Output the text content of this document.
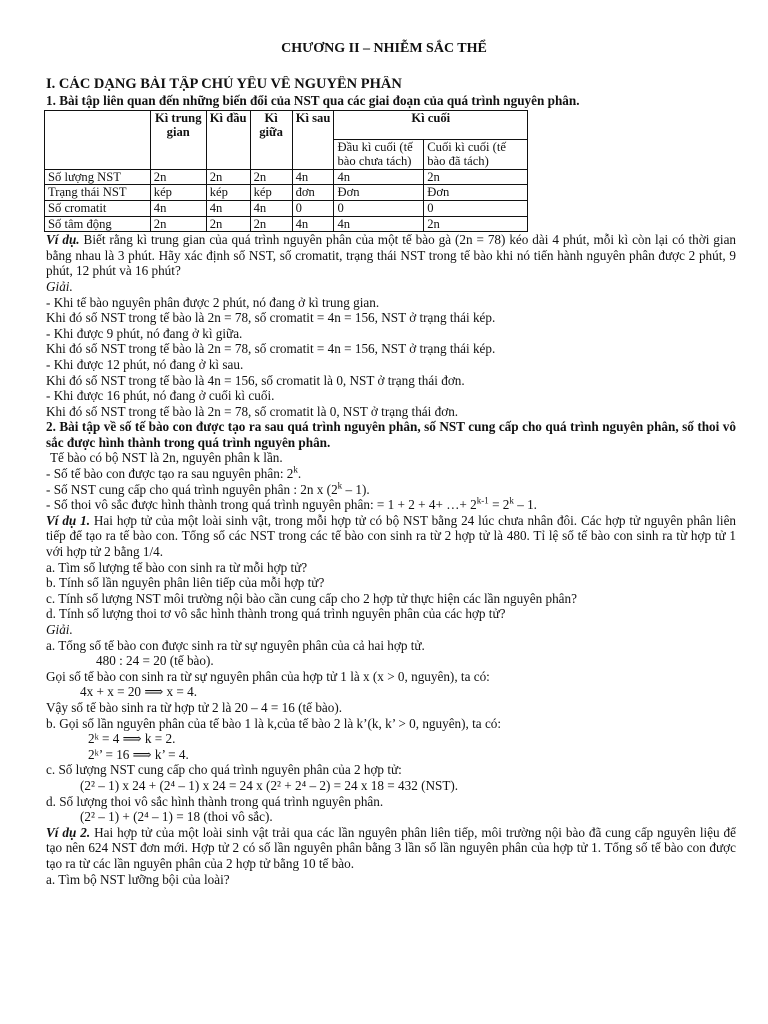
CHƯƠNG II – NHIỄM SẮC THỂ
I. CÁC DẠNG BÀI TẬP CHỦ YẾU VỀ NGUYÊN PHÂN
1. Bài tập liên quan đến những biến đổi của NST qua các giai đoạn của quá trình nguyên phân.
	Kì trung gian	Kì đầu	Kì giữa	Kì sau	Kì cuối	
					Đầu kì cuối (tế bào chưa tách)	Cuối kì cuối (tế bào đã tách)
Số lượng NST	2n	2n	2n	4n	4n	2n
Trạng thái NST	kép	kép	kép	đơn	Đơn	Đơn
Số cromatit	4n	4n	4n	0	0	0
Số tâm động	2n	2n	2n	4n	4n	2n
Ví dụ. Biết rằng kì trung gian của quá trình nguyên phân của một tế bào gà (2n = 78) kéo dài 4 phút, mỗi kì còn lại có thời gian bằng nhau là 3 phút. Hãy xác định số NST, số cromatit, trạng thái NST trong tế bào khi nó tiến hành nguyên phân được 2 phút, 9 phút, 12 phút và 16 phút?
Giải.
- Khi tế bào nguyên phân được 2 phút, nó đang ở kì trung gian.
Khi đó số NST trong tế bào là 2n = 78, số cromatit = 4n = 156, NST ở trạng thái kép.
- Khi được 9 phút, nó đang ở kì giữa.
Khi đó số NST trong tế bào là 2n = 78, số cromatit = 4n = 156, NST ở trạng thái kép.
- Khi được 12 phút, nó đang ở kì sau.
Khi đó số NST trong tế bào là 4n = 156, số cromatit là 0, NST ở trạng thái đơn.
- Khi được 16 phút, nó đang ở cuối kì cuối.
Khi đó số NST trong tế bào là 2n = 78, số cromatit là 0, NST ở trạng thái đơn.
2. Bài tập về số tế bào con được tạo ra sau quá trình nguyên phân, số NST cung cấp cho quá trình nguyên phân, số thoi vô sắc được hình thành trong quá trình nguyên phân.
Tế bào có bộ NST là 2n, nguyên phân k lần.
- Số tế bào con được tạo ra sau nguyên phân: 2$^k$.
- Số NST cung cấp cho quá trình nguyên phân : 2n x (2$^k$ – 1).
- Số thoi vô sắc được hình thành trong quá trình nguyên phân: = 1 + 2 + 4+ …+ $2^{k-1} = 2^k - 1$.
Ví dụ 1. Hai hợp tử của một loài sinh vật, trong mỗi hợp tử có bộ NST bằng 24 lúc chưa nhân đôi. Các hợp tử nguyên phân liên tiếp để tạo ra tế bào con. Tổng số các NST trong các tế bào con sinh ra từ 2 hợp tử là 480. Tỉ lệ số tế bào con sinh ra từ hợp tử 1 với hợp tử 2 bằng 1/4.
a. Tìm số lượng tế bào con sinh ra từ mỗi hợp tử?
b. Tính số lần nguyên phân liên tiếp của mỗi hợp tử?
c. Tính số lượng NST môi trường nội bào cần cung cấp cho 2 hợp tử thực hiện các lần nguyên phân?
d. Tính số lượng thoi tơ vô sắc hình thành trong quá trình nguyên phân của các hợp tử?
Giải.
a. Tổng số tế bào con được sinh ra từ sự nguyên phân của cả hai hợp tử.
480 : 24 = 20 (tế bào).
Gọi số tế bào con sinh ra từ sự nguyên phân của hợp tử 1 là x (x > 0, nguyên), ta có:
4x + x = 20 ⟹ x = 4.
Vậy số tế bào sinh ra từ hợp tử 2 là 20 – 4 = 16 (tế bào).
b. Gọi số lần nguyên phân của tế bào 1 là k,của tế bào 2 là k’(k, k’ > 0, nguyên), ta có:
2ᵏ = 4 ⟹ k = 2.
2ᵏ’ = 16 ⟹ k’ = 4.
c. Số lượng NST cung cấp cho quá trình nguyên phân của 2 hợp tử:
(2² – 1) x 24 + (2⁴ – 1) x 24 = 24 x (2² + 2⁴ – 2) = 24 x 18 = 432 (NST).
d. Số lượng thoi vô sắc hình thành trong quá trình nguyên phân.
(2² – 1) + (2⁴ – 1) = 18 (thoi vô sắc).
Ví dụ 2. Hai hợp tử của một loài sinh vật trải qua các lần nguyên phân liên tiếp, môi trường nội bào đã cung cấp nguyên liệu để tạo nên 624 NST đơn mới. Hợp tử 2 có số lần nguyên phân bằng 3 lần số lần nguyên phân của hợp tử 1. Tổng số tế bào con được tạo ra từ các lần nguyên phân của 2 hợp tử bằng 10 tế bào.
a. Tìm bộ NST lưỡng bội của loài?
